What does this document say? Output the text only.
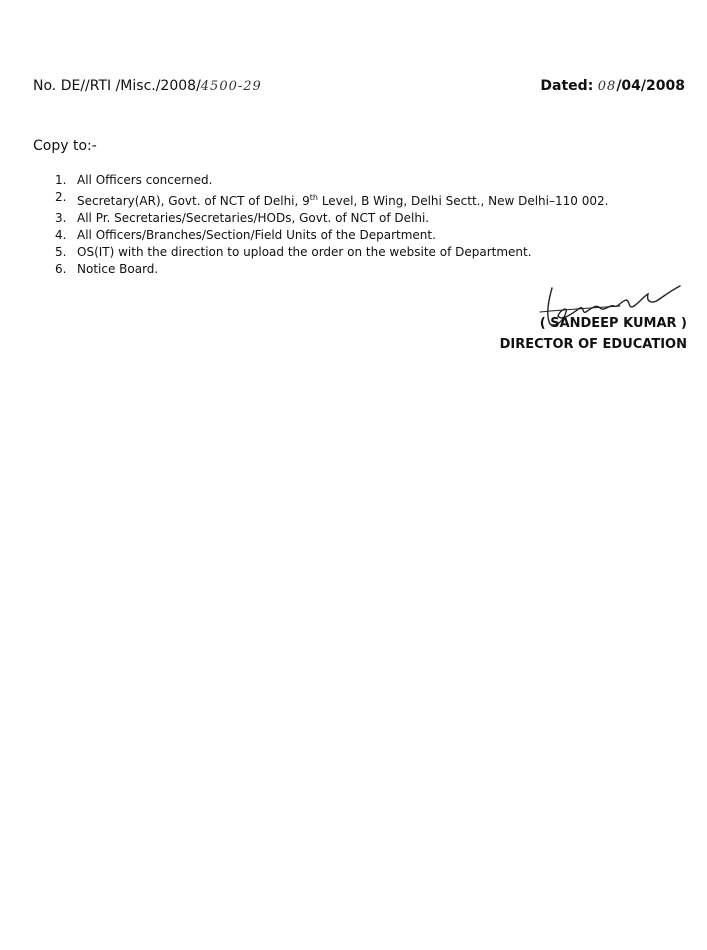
No. DE//RTI /Misc./2008/4500-29	Dated: 08/04/2008
Copy to:-
1. All Officers concerned.
2. Secretary(AR), Govt. of NCT of Delhi, 9th Level, B Wing, Delhi Sectt., New Delhi–110 002.
3. All Pr. Secretaries/Secretaries/HODs, Govt. of NCT of Delhi.
4. All Officers/Branches/Section/Field Units of the Department.
5. OS(IT) with the direction to upload the order on the website of Department.
6. Notice Board.
( SANDEEP KUMAR )
DIRECTOR OF EDUCATION
